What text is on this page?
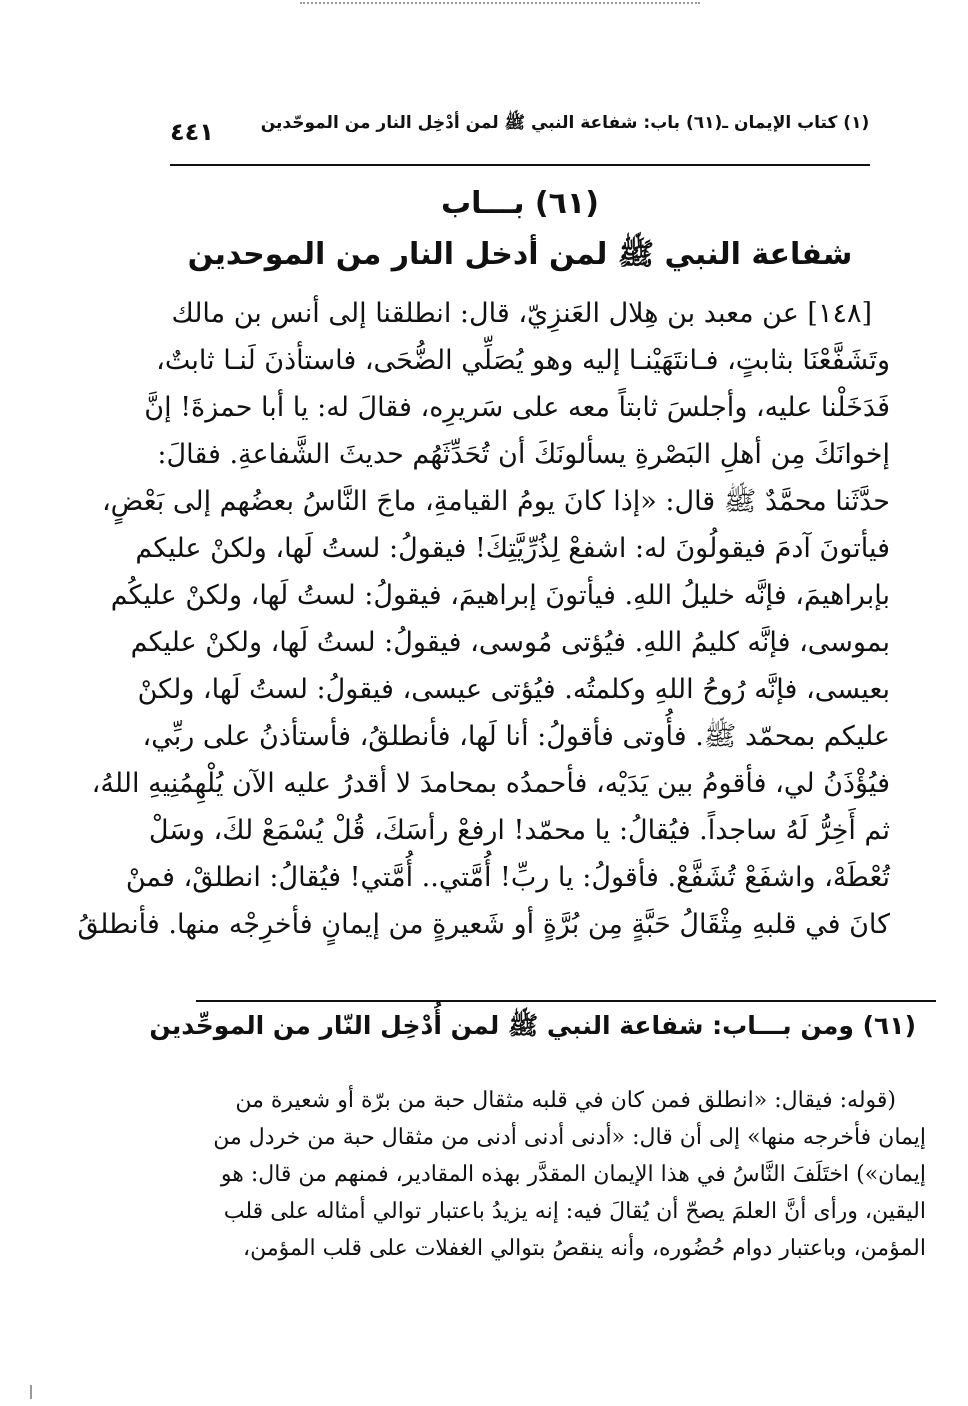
(١) كتاب الإيمان ـ(٦١) باب: شفاعة النبي ﷺ لمن أدْخِل النار من الموحّدين
٤٤١
(٦١) بـــاب
شفاعة النبي ﷺ لمن أدخل النار من الموحدين
[١٤٨] عن معبد بن هِلال العَنزِيّ، قال: انطلقنا إلى أنس بن مالك
وتَشَفَّعْنَا بثابتٍ، فـانتَهَيْنـا إليه وهو يُصَلِّي الضُّحَى، فاستأذنَ لَنـا ثابتٌ،
فَدَخَلْنا عليه، وأجلسَ ثابتاً معه على سَريرِه، فقالَ له: يا أبا حمزةَ! إنَّ
إخوانَكَ مِن أهلِ البَصْرةِ يسألونَكَ أن تُحَدِّثَهُم حديثَ الشَّفاعةِ. فقالَ:
حدَّثَنا محمَّدٌ ﷺ قال: «إذا كانَ يومُ القيامةِ، ماجَ النَّاسُ بعضُهم إلى بَعْضٍ،
فيأتونَ آدمَ فيقولُونَ له: اشفعْ لِذُرِّيَّتِكَ! فيقولُ: لستُ لَها، ولكنْ عليكم
بإبراهيمَ، فإنَّه خليلُ اللهِ. فيأتونَ إبراهيمَ، فيقولُ: لستُ لَها، ولكنْ عليكُم
بموسى، فإنَّه كليمُ اللهِ. فيُؤتى مُوسى، فيقولُ: لستُ لَها، ولكنْ عليكم
بعيسى، فإنَّه رُوحُ اللهِ وكلمتُه. فيُؤتى عيسى، فيقولُ: لستُ لَها، ولكنْ
عليكم بمحمّد ﷺ. فأُوتى فأقولُ: أنا لَها، فأنطلقُ، فأستأذنُ على ربِّي،
فيُؤْذَنُ لي، فأقومُ بين يَدَيْه، فأحمدُه بمحامدَ لا أقدرُ عليه الآن يُلْهِمُنِيهِ اللهُ،
ثم أَخِرُّ لَهُ ساجداً. فيُقالُ: يا محمّد! ارفعْ رأسَكَ، قُلْ يُسْمَعْ لكَ، وسَلْ
تُعْطَهْ، واشفَعْ تُشَفَّعْ. فأقولُ: يا ربِّ! أُمَّتي.. أُمَّتي! فيُقالُ: انطلقْ، فمنْ
كانَ في قلبهِ مِثْقَالُ حَبَّةٍ مِن بُرَّةٍ أو شَعيرةٍ من إيمانٍ فأخرِجْه منها. فأنطلقُ
(٦١) ومن بـــاب: شفاعة النبي ﷺ لمن أُدْخِل النّار من الموحِّدين
(قوله: فيقال: «انطلق فمن كان في قلبه مثقال حبة من برّة أو شعيرة من
إيمان فأخرجه منها» إلى أن قال: «أدنى أدنى أدنى من مثقال حبة من خردل من
إيمان») اختَلَفَ النَّاسُ في هذا الإيمان المقدَّر بهذه المقادير، فمنهم من قال: هو
اليقين، ورأى أنَّ العلمَ يصحّ أن يُقالَ فيه: إنه يزيدُ باعتبار توالي أمثاله على قلب
المؤمن، وباعتبار دوام حُضُوره، وأنه ينقصُ بتوالي الغفلات على قلب المؤمن،
